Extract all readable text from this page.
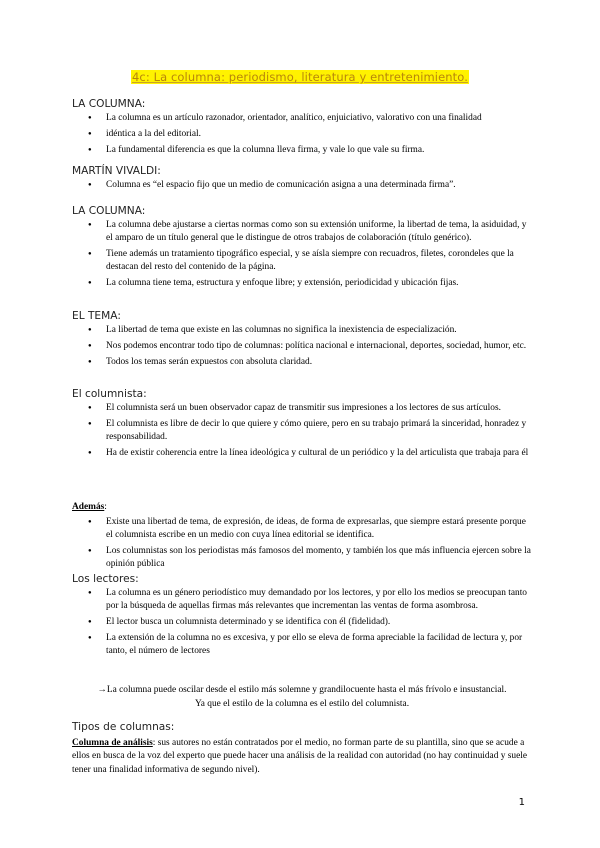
4c: La columna: periodismo, literatura y entretenimiento.
LA COLUMNA:
● La columna es un artículo razonador, orientador, analítico, enjuiciativo, valorativo con una finalidad
● idéntica a la del editorial.
● La fundamental diferencia es que la columna lleva firma, y vale lo que vale su firma.
MARTÍN VIVALDI:
● Columna es “el espacio fijo que un medio de comunicación asigna a una determinada firma”.
LA COLUMNA:
● La columna debe ajustarse a ciertas normas como son su extensión uniforme, la libertad de tema, la asiduidad, y el amparo de un título general que le distingue de otros trabajos de colaboración (título genérico).
● Tiene además un tratamiento tipográfico especial, y se aísla siempre con recuadros, filetes, corondeles que la destacan del resto del contenido de la página.
● La columna tiene tema, estructura y enfoque libre; y extensión, periodicidad y ubicación fijas.
EL TEMA:
● La libertad de tema que existe en las columnas no significa la inexistencia de especialización.
● Nos podemos encontrar todo tipo de columnas: política nacional e internacional, deportes, sociedad, humor, etc.
● Todos los temas serán expuestos con absoluta claridad.
El columnista:
● El columnista será un buen observador capaz de transmitir sus impresiones a los lectores de sus artículos.
● El columnista es libre de decir lo que quiere y cómo quiere, pero en su trabajo primará la sinceridad, honradez y responsabilidad.
● Ha de existir coherencia entre la línea ideológica y cultural de un periódico y la del articulista que trabaja para él
Además:
● Existe una libertad de tema, de expresión, de ideas, de forma de expresarlas, que siempre estará presente porque el columnista escribe en un medio con cuya línea editorial se identifica.
● Los columnistas son los periodistas más famosos del momento, y también los que más influencia ejercen sobre la opinión pública
Los lectores:
● La columna es un género periodístico muy demandado por los lectores, y por ello los medios se preocupan tanto por la búsqueda de aquellas firmas más relevantes que incrementan las ventas de forma asombrosa.
● El lector busca un columnista determinado y se identifica con él (fidelidad).
● La extensión de la columna no es excesiva, y por ello se eleva de forma apreciable la facilidad de lectura y, por tanto, el número de lectores
→La columna puede oscilar desde el estilo más solemne y grandilocuente hasta el más frívolo e insustancial.
Ya que el estilo de la columna es el estilo del columnista.
Tipos de columnas:
Columna de análisis: sus autores no están contratados por el medio, no forman parte de su plantilla, sino que se acude a ellos en busca de la voz del experto que puede hacer una análisis de la realidad con autoridad (no hay continuidad y suele tener una finalidad informativa de segundo nivel).
1
